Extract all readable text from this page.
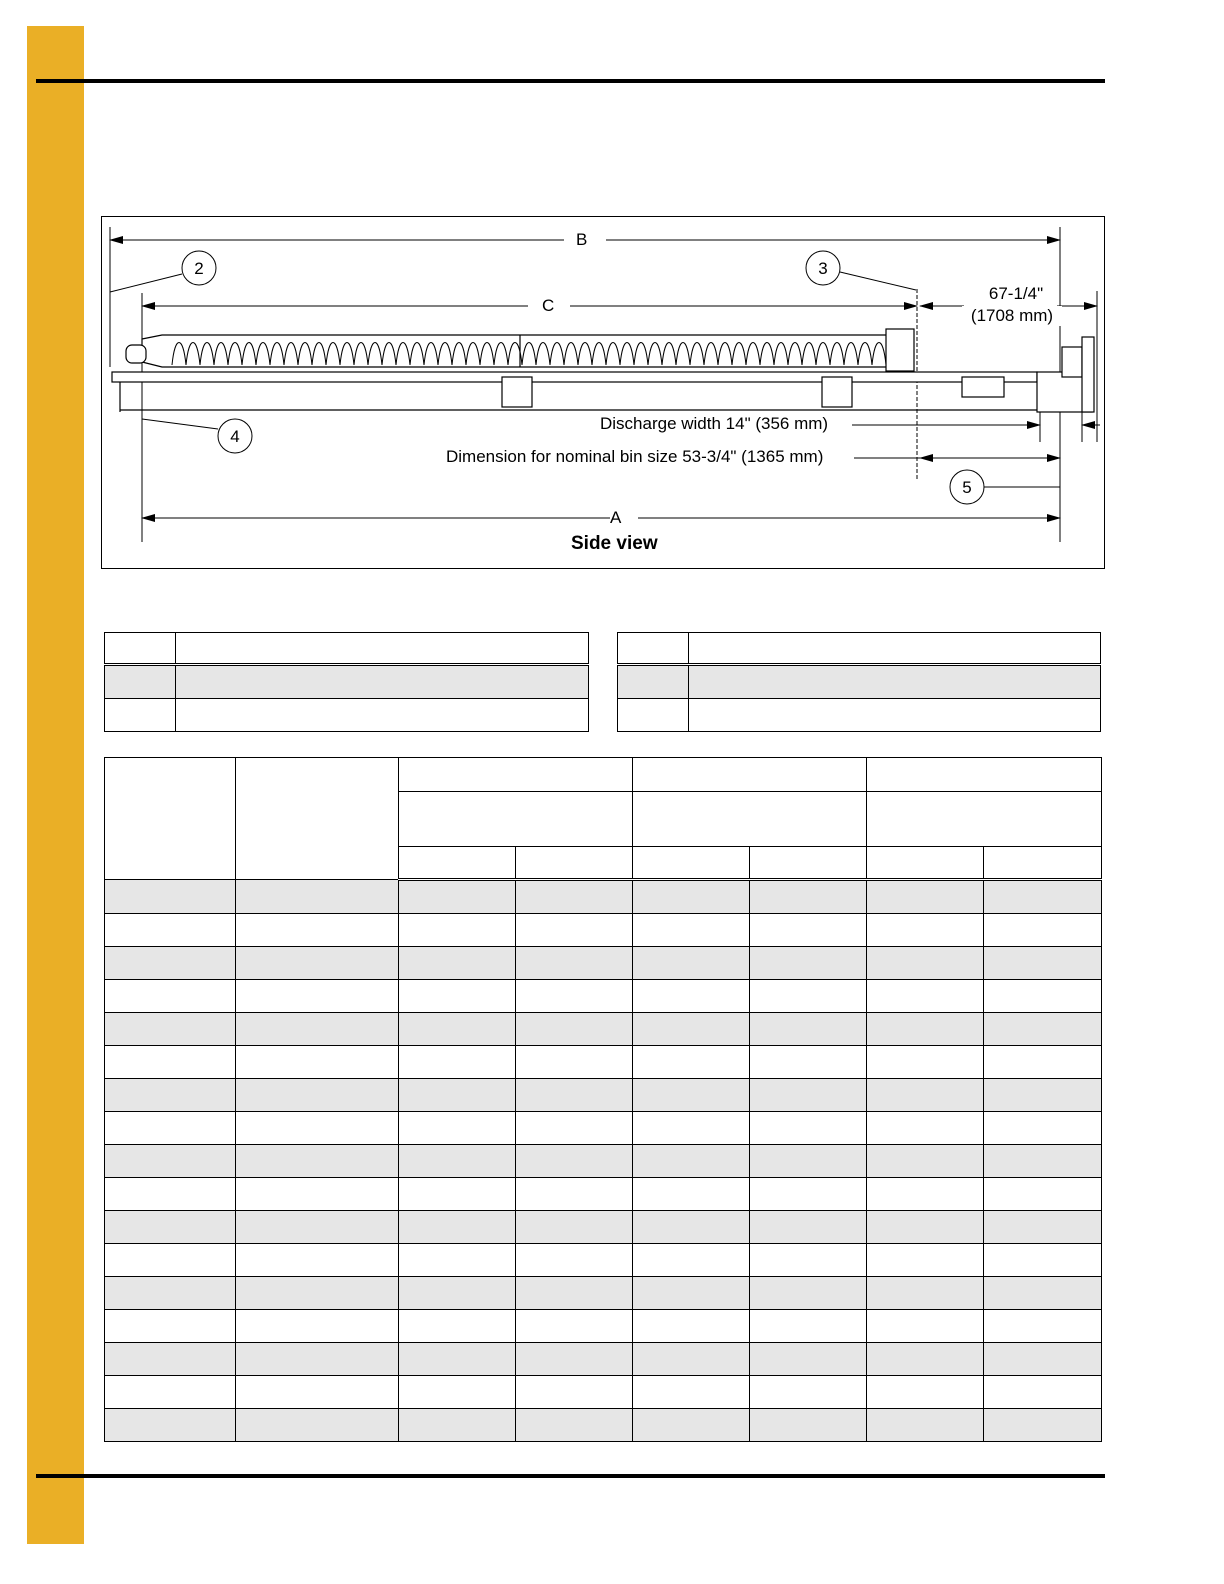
2	3
4
5
B
C
A
67-1/4"
(1708 mm)
Discharge width 14" (356 mm)
Dimension for nominal bin size 53-3/4" (1365 mm)
Side view
